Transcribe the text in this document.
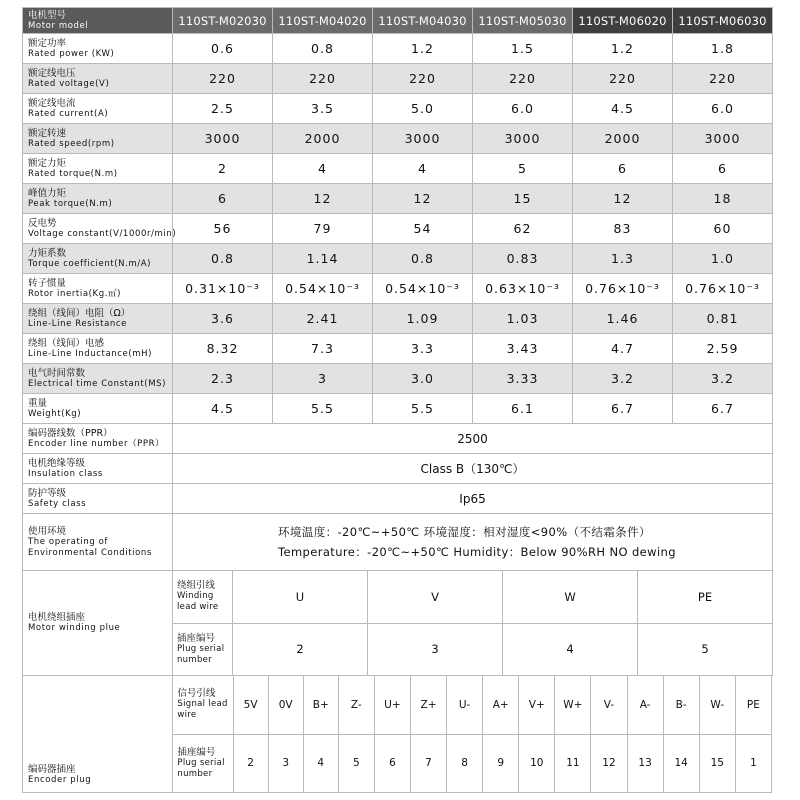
电机型号
Motor model	110ST-M02030	110ST-M04020	110ST-M04030	110ST-M05030	110ST-M06020	110ST-M06030

额定功率
Rated power (KW)	0.6	0.8	1.2	1.5	1.2	1.8

额定线电压
Rated voltage(V)	220	220	220	220	220	220

额定线电流
Rated current(A)	2.5	3.5	5.0	6.0	4.5	6.0

额定转速
Rated speed(rpm)	3000	2000	3000	3000	2000	3000

额定力矩
Rated torque(N.m)	2	4	4	5	6	6

峰值力矩
Peak torque(N.m)	6	12	12	15	12	18

反电势
Voltage constant(V/1000r/min)	56	79	54	62	83	60

力矩系数
Torque coefficient(N.m/A)	0.8	1.14	0.8	0.83	1.3	1.0

转子惯量
Rotor inertia(Kg.㎡)	0.31×10⁻³	0.54×10⁻³	0.54×10⁻³	0.63×10⁻³	0.76×10⁻³	0.76×10⁻³

绕组（线间）电阻（Ω）
Line-Line Resistance	3.6	2.41	1.09	1.03	1.46	0.81

绕组（线间）电感
Line-Line Inductance(mH)	8.32	7.3	3.3	3.43	4.7	2.59

电气时间常数
Electrical time Constant(MS)	2.3	3	3.0	3.33	3.2	3.2

重量
Weight(Kg)	4.5	5.5	5.5	6.1	6.7	6.7

编码器线数（PPR）
Encoder line number（PPR）	2500					

电机绝缘等级
Insulation class	Class B（130℃）					

防护等级
Safety class	Ip65					

使用环境
The operating of
Environmental Conditions	环境温度：-20℃~+50℃ 环境湿度：相对湿度<90%（不结霜条件）
Temperature：-20℃~+50℃ Humidity：Below 90%RH NO dewing					
电机绕组插座
Motor winding plue	绕组引线
Winding lead wire	U	V	W	PE

	插座编号
Plug serial number	2	3	4	5
编码器插座
Encoder plug	信号引线
Signal lead wire	5V	0V	B+	Z-	U+	Z+	U-	A+	V+	W+	V-	A-	B-	W-	PE

	插座编号
Plug serial number	2	3	4	5	6	7	8	9	10	11	12	13	14	15	1
